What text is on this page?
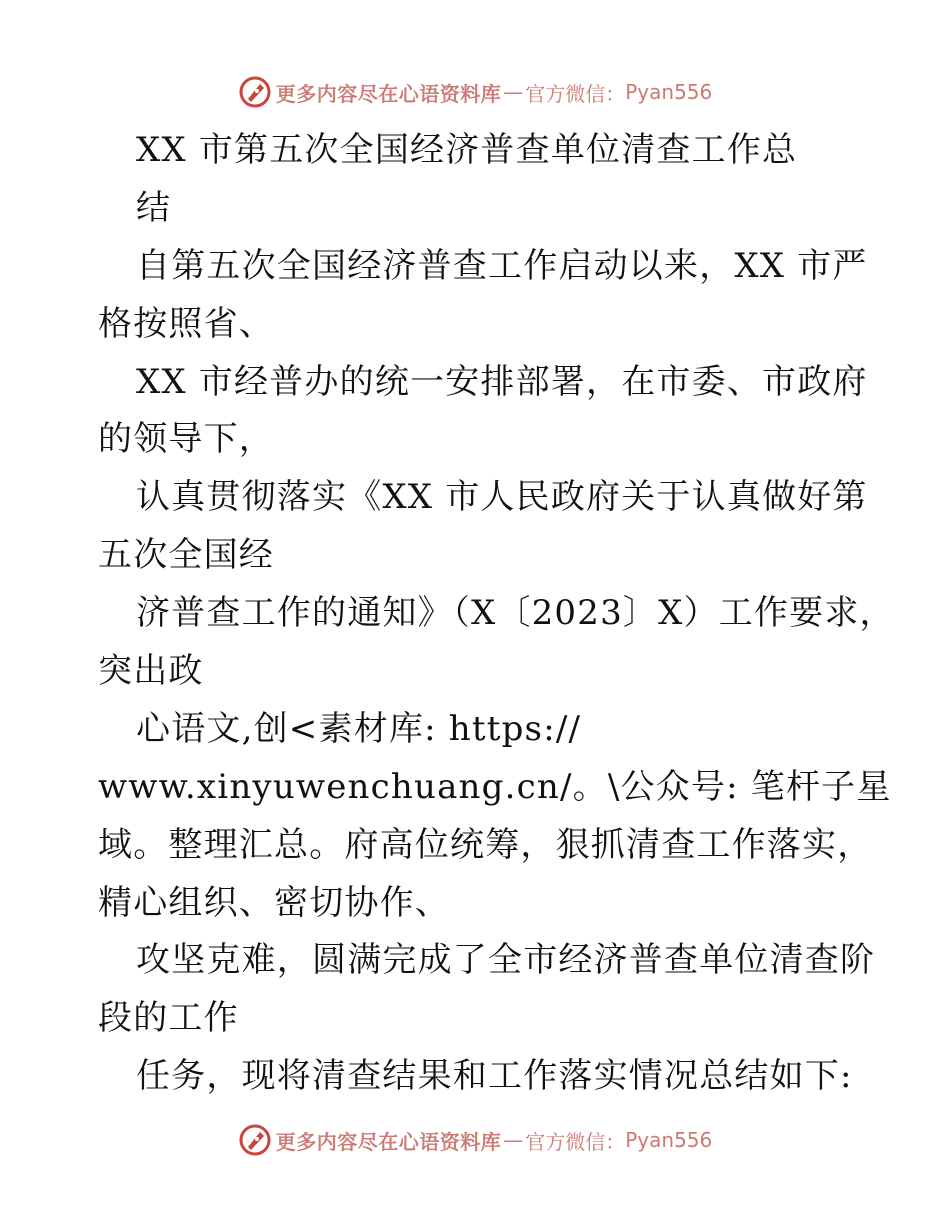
更多内容尽在心语资料库 — 官方微信： Pyan556
XX 市第五次全国经济普查单位清查工作总
结
自第五次全国经济普查工作启动以来，XX 市严
格按照省、
XX 市经普办的统一安排部署，在市委、市政府
的领导下，
认真贯彻落实《XX 市人民政府关于认真做好第
五次全国经
济普查工作的通知》（X〔2023〕X）工作要求，
突出政
心语文,创<素材库: https://
www.xinyuwenchuang.cn/。\公众号: 笔杆子星
域。整理汇总。府高位统筹，狠抓清查工作落实，
精心组织、密切协作、
攻坚克难，圆满完成了全市经济普查单位清查阶
段的工作
任务，现将清查结果和工作落实情况总结如下:
更多内容尽在心语资料库 — 官方微信： Pyan556
